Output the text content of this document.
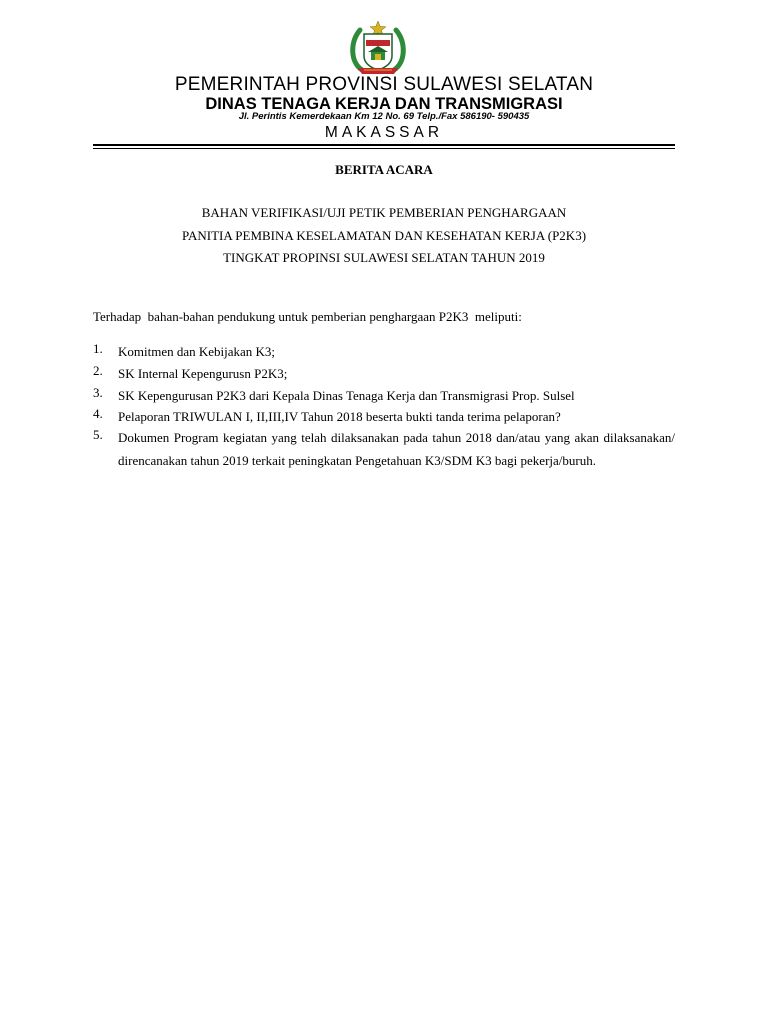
PEMERINTAH PROVINSI SULAWESI SELATAN
DINAS TENAGA KERJA DAN TRANSMIGRASI
Jl. Perintis Kemerdekaan Km 12 No. 69 Telp./Fax 586190- 590435
MAKASSAR
BERITA ACARA
BAHAN VERIFIKASI/UJI PETIK PEMBERIAN PENGHARGAAN
PANITIA PEMBINA KESELAMATAN DAN KESEHATAN KERJA (P2K3)
TINGKAT PROPINSI SULAWESI SELATAN TAHUN 2019
Terhadap  bahan-bahan pendukung untuk pemberian penghargaan P2K3  meliputi:
1. Komitmen dan Kebijakan K3;
2. SK Internal Kepengurusn P2K3;
3. SK Kepengurusan P2K3 dari Kepala Dinas Tenaga Kerja dan Transmigrasi Prop. Sulsel
4. Pelaporan TRIWULAN I, II,III,IV Tahun 2018 beserta bukti tanda terima pelaporan?
5. Dokumen Program kegiatan yang telah dilaksanakan pada tahun 2018 dan/atau yang akan dilaksanakan/ direncanakan tahun 2019 terkait peningkatan Pengetahuan K3/SDM K3 bagi pekerja/buruh.
